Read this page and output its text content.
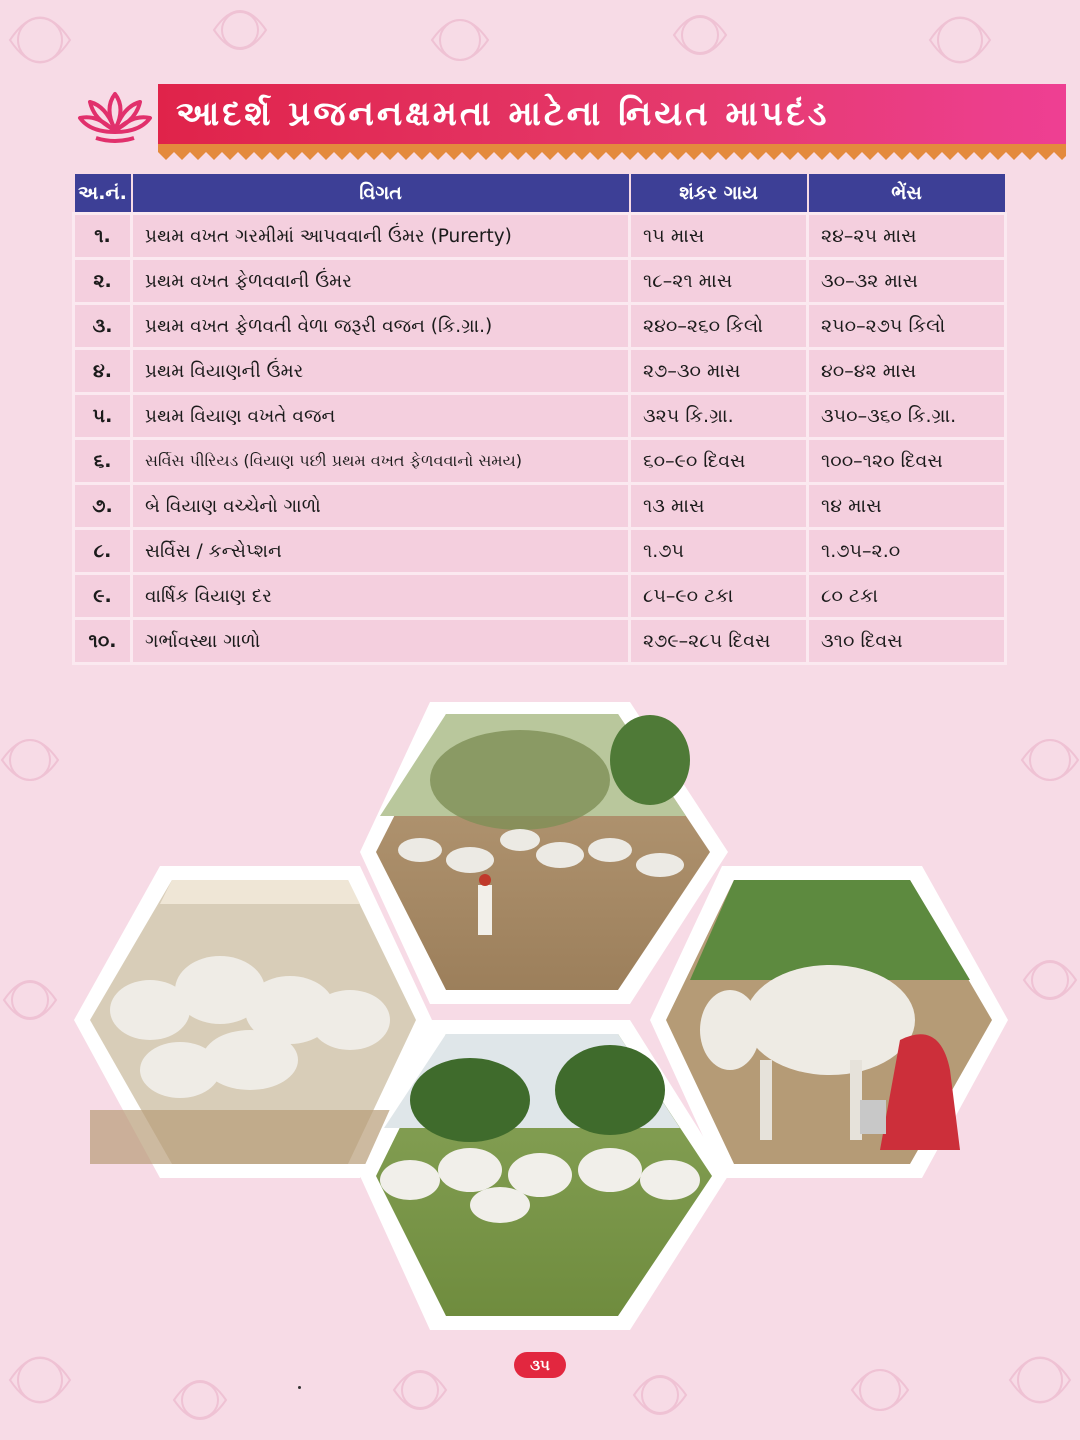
આદર્શ પ્રજનનક્ષમતા માટેના નિયત માપદંડ
અ.નં.	વિગત	શંકર ગાય	ભેંસ
૧.	પ્રથમ વખત ગરમીમાં આપવવાની ઉંમર (Purerty)	૧૫ માસ	૨૪–૨૫ માસ
૨.	પ્રથમ વખત ફેળવવાની ઉંમર	૧૮–૨૧ માસ	૩૦–૩૨ માસ
૩.	પ્રથમ વખત ફેળવતી વેળા જરૂરી વજન (કિ.ગ્રા.)	૨૪૦–૨૬૦ કિલો	૨૫૦–૨૭૫ કિલો
૪.	પ્રથમ વિયાણની ઉંમર	૨૭–૩૦ માસ	૪૦–૪૨ માસ
૫.	પ્રથમ વિયાણ વખતે વજન	૩૨૫ કિ.ગ્રા.	૩૫૦–૩૬૦ કિ.ગ્રા.
૬.	સર્વિસ પીરિયડ (વિયાણ પછી પ્રથમ વખત ફેળવવાનો સમય)	૬૦–૯૦ દિવસ	૧૦૦–૧૨૦ દિવસ
૭.	બે વિયાણ વચ્ચેનો ગાળો	૧૩ માસ	૧૪ માસ
૮.	સર્વિસ / કન્સેપ્શન	૧.૭૫	૧.૭૫–૨.૦
૯.	વાર્ષિક વિયાણ દર	૮૫–૯૦ ટકા	૮૦ ટકા
૧૦.	ગર્ભાવસ્થા ગાળો	૨૭૯–૨૮૫ દિવસ	૩૧૦ દિવસ
૩૫
